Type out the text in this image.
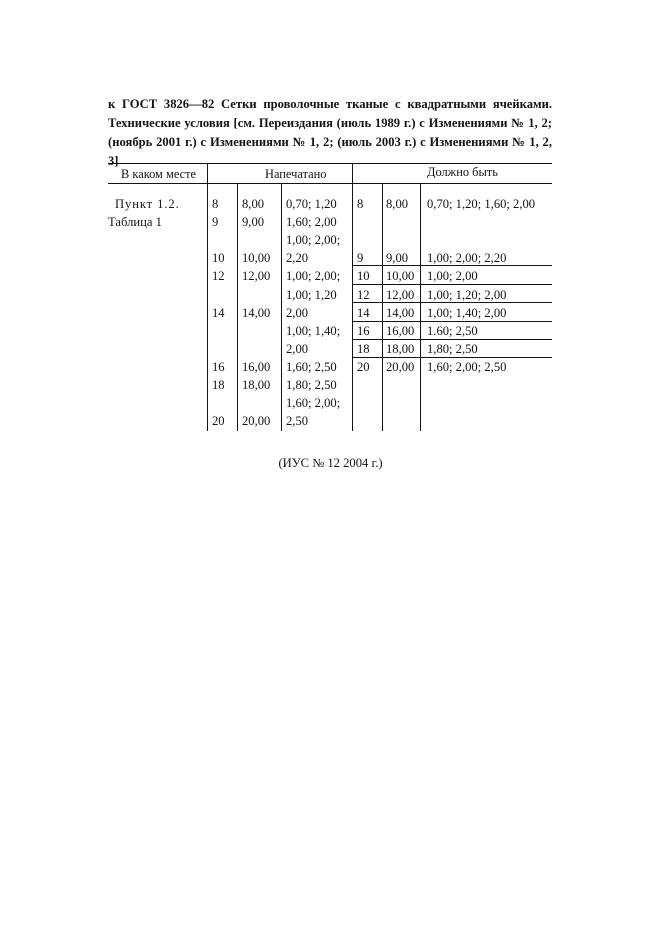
к ГОСТ 3826—82 Сетки проволочные тканые с квадратными ячейками. Технические условия [см. Переиздания (июль 1989 г.) с Изменениями № 1, 2; (ноябрь 2001 г.) с Изменениями № 1, 2; (июль 2003 г.) с Изменениями № 1, 2, 3]

В каком месте	Напечатано	Должно быть
Пункт 1.2.
Таблица 1
8 8,00 0,70; 1,20
9 9,00 1,60; 2,00
1,00; 2,00;
10 10,00 2,20
12 12,00 1,00; 2,00;
1,00; 1,20
14 14,00 2,00
1,00; 1,40;
2,00
16 16,00 1,60; 2,50
18 18,00 1,80; 2,50
1,60; 2,00;
20 20,00 2,50
8 8,00 0,70; 1,20; 1,60; 2,00
9 9,00 1,00; 2,00; 2,20
10 10,00 1,00; 2,00
12 12,00 1,00; 1,20; 2,00
14 14,00 1,00; 1,40; 2,00
16 16,00 1.60; 2,50
18 18,00 1,80; 2,50
20 20,00 1,60; 2,00; 2,50
(ИУС № 12 2004 г.)
